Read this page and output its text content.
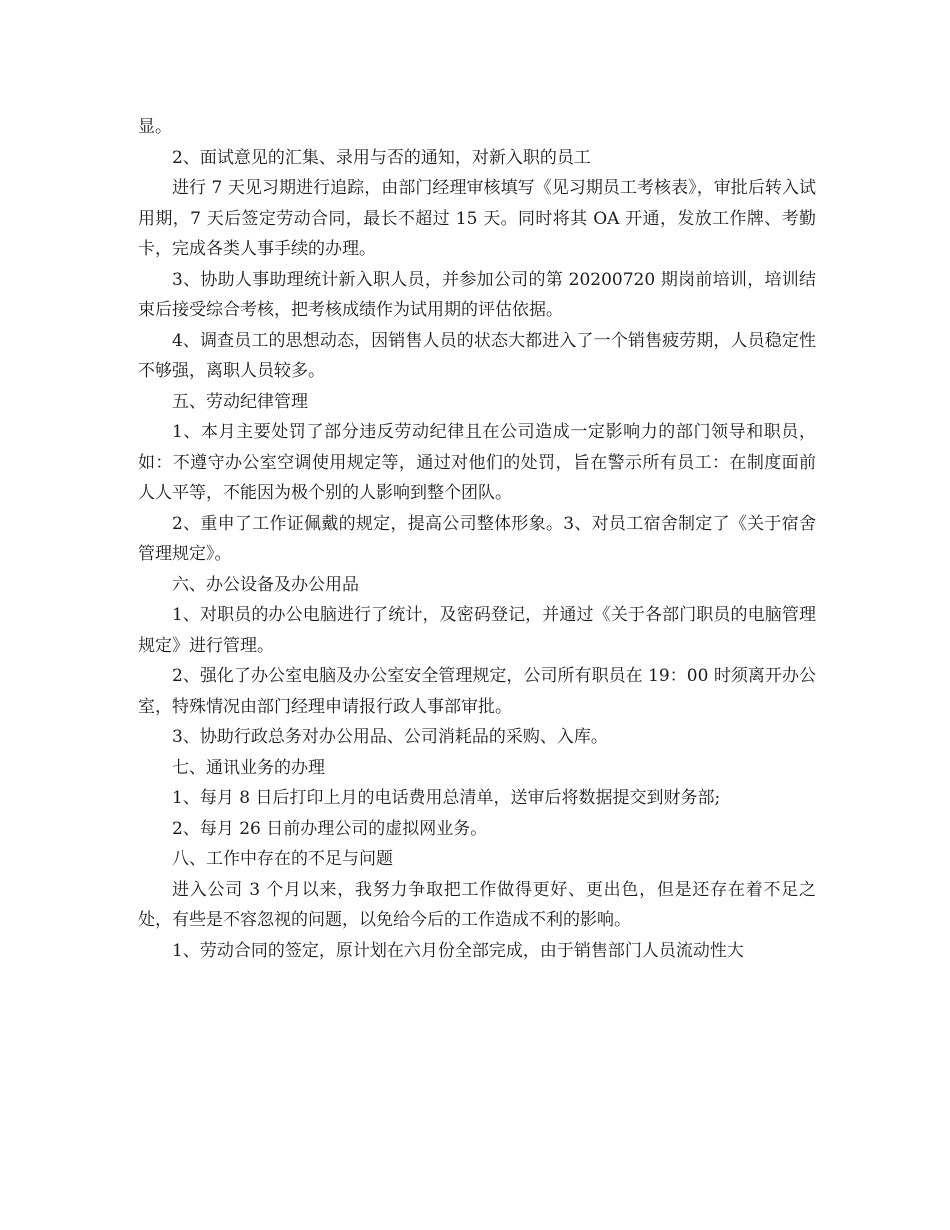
显。

2、面试意见的汇集、录用与否的通知，对新入职的员工

进行 7 天见习期进行追踪，由部门经理审核填写《见习期员工考核表》，审批后转入试用期，7 天后签定劳动合同，最长不超过 15 天。同时将其 OA 开通，发放工作牌、考勤卡，完成各类人事手续的办理。

3、协助人事助理统计新入职人员，并参加公司的第 20200720 期岗前培训，培训结束后接受综合考核，把考核成绩作为试用期的评估依据。

4、调查员工的思想动态，因销售人员的状态大都进入了一个销售疲劳期，人员稳定性不够强，离职人员较多。

五、劳动纪律管理

1、本月主要处罚了部分违反劳动纪律且在公司造成一定影响力的部门领导和职员，如：不遵守办公室空调使用规定等，通过对他们的处罚，旨在警示所有员工：在制度面前人人平等，不能因为极个别的人影响到整个团队。

2、重申了工作证佩戴的规定，提高公司整体形象。3、对员工宿舍制定了《关于宿舍管理规定》。

六、办公设备及办公用品

1、对职员的办公电脑进行了统计，及密码登记，并通过《关于各部门职员的电脑管理规定》进行管理。

2、强化了办公室电脑及办公室安全管理规定，公司所有职员在 19：00 时须离开办公室，特殊情况由部门经理申请报行政人事部审批。

3、协助行政总务对办公用品、公司消耗品的采购、入库。

七、通讯业务的办理

1、每月 8 日后打印上月的电话费用总清单，送审后将数据提交到财务部;

2、每月 26 日前办理公司的虚拟网业务。

八、工作中存在的不足与问题

进入公司 3 个月以来，我努力争取把工作做得更好、更出色，但是还存在着不足之处，有些是不容忽视的问题，以免给今后的工作造成不利的影响。

1、劳动合同的签定，原计划在六月份全部完成，由于销售部门人员流动性大
